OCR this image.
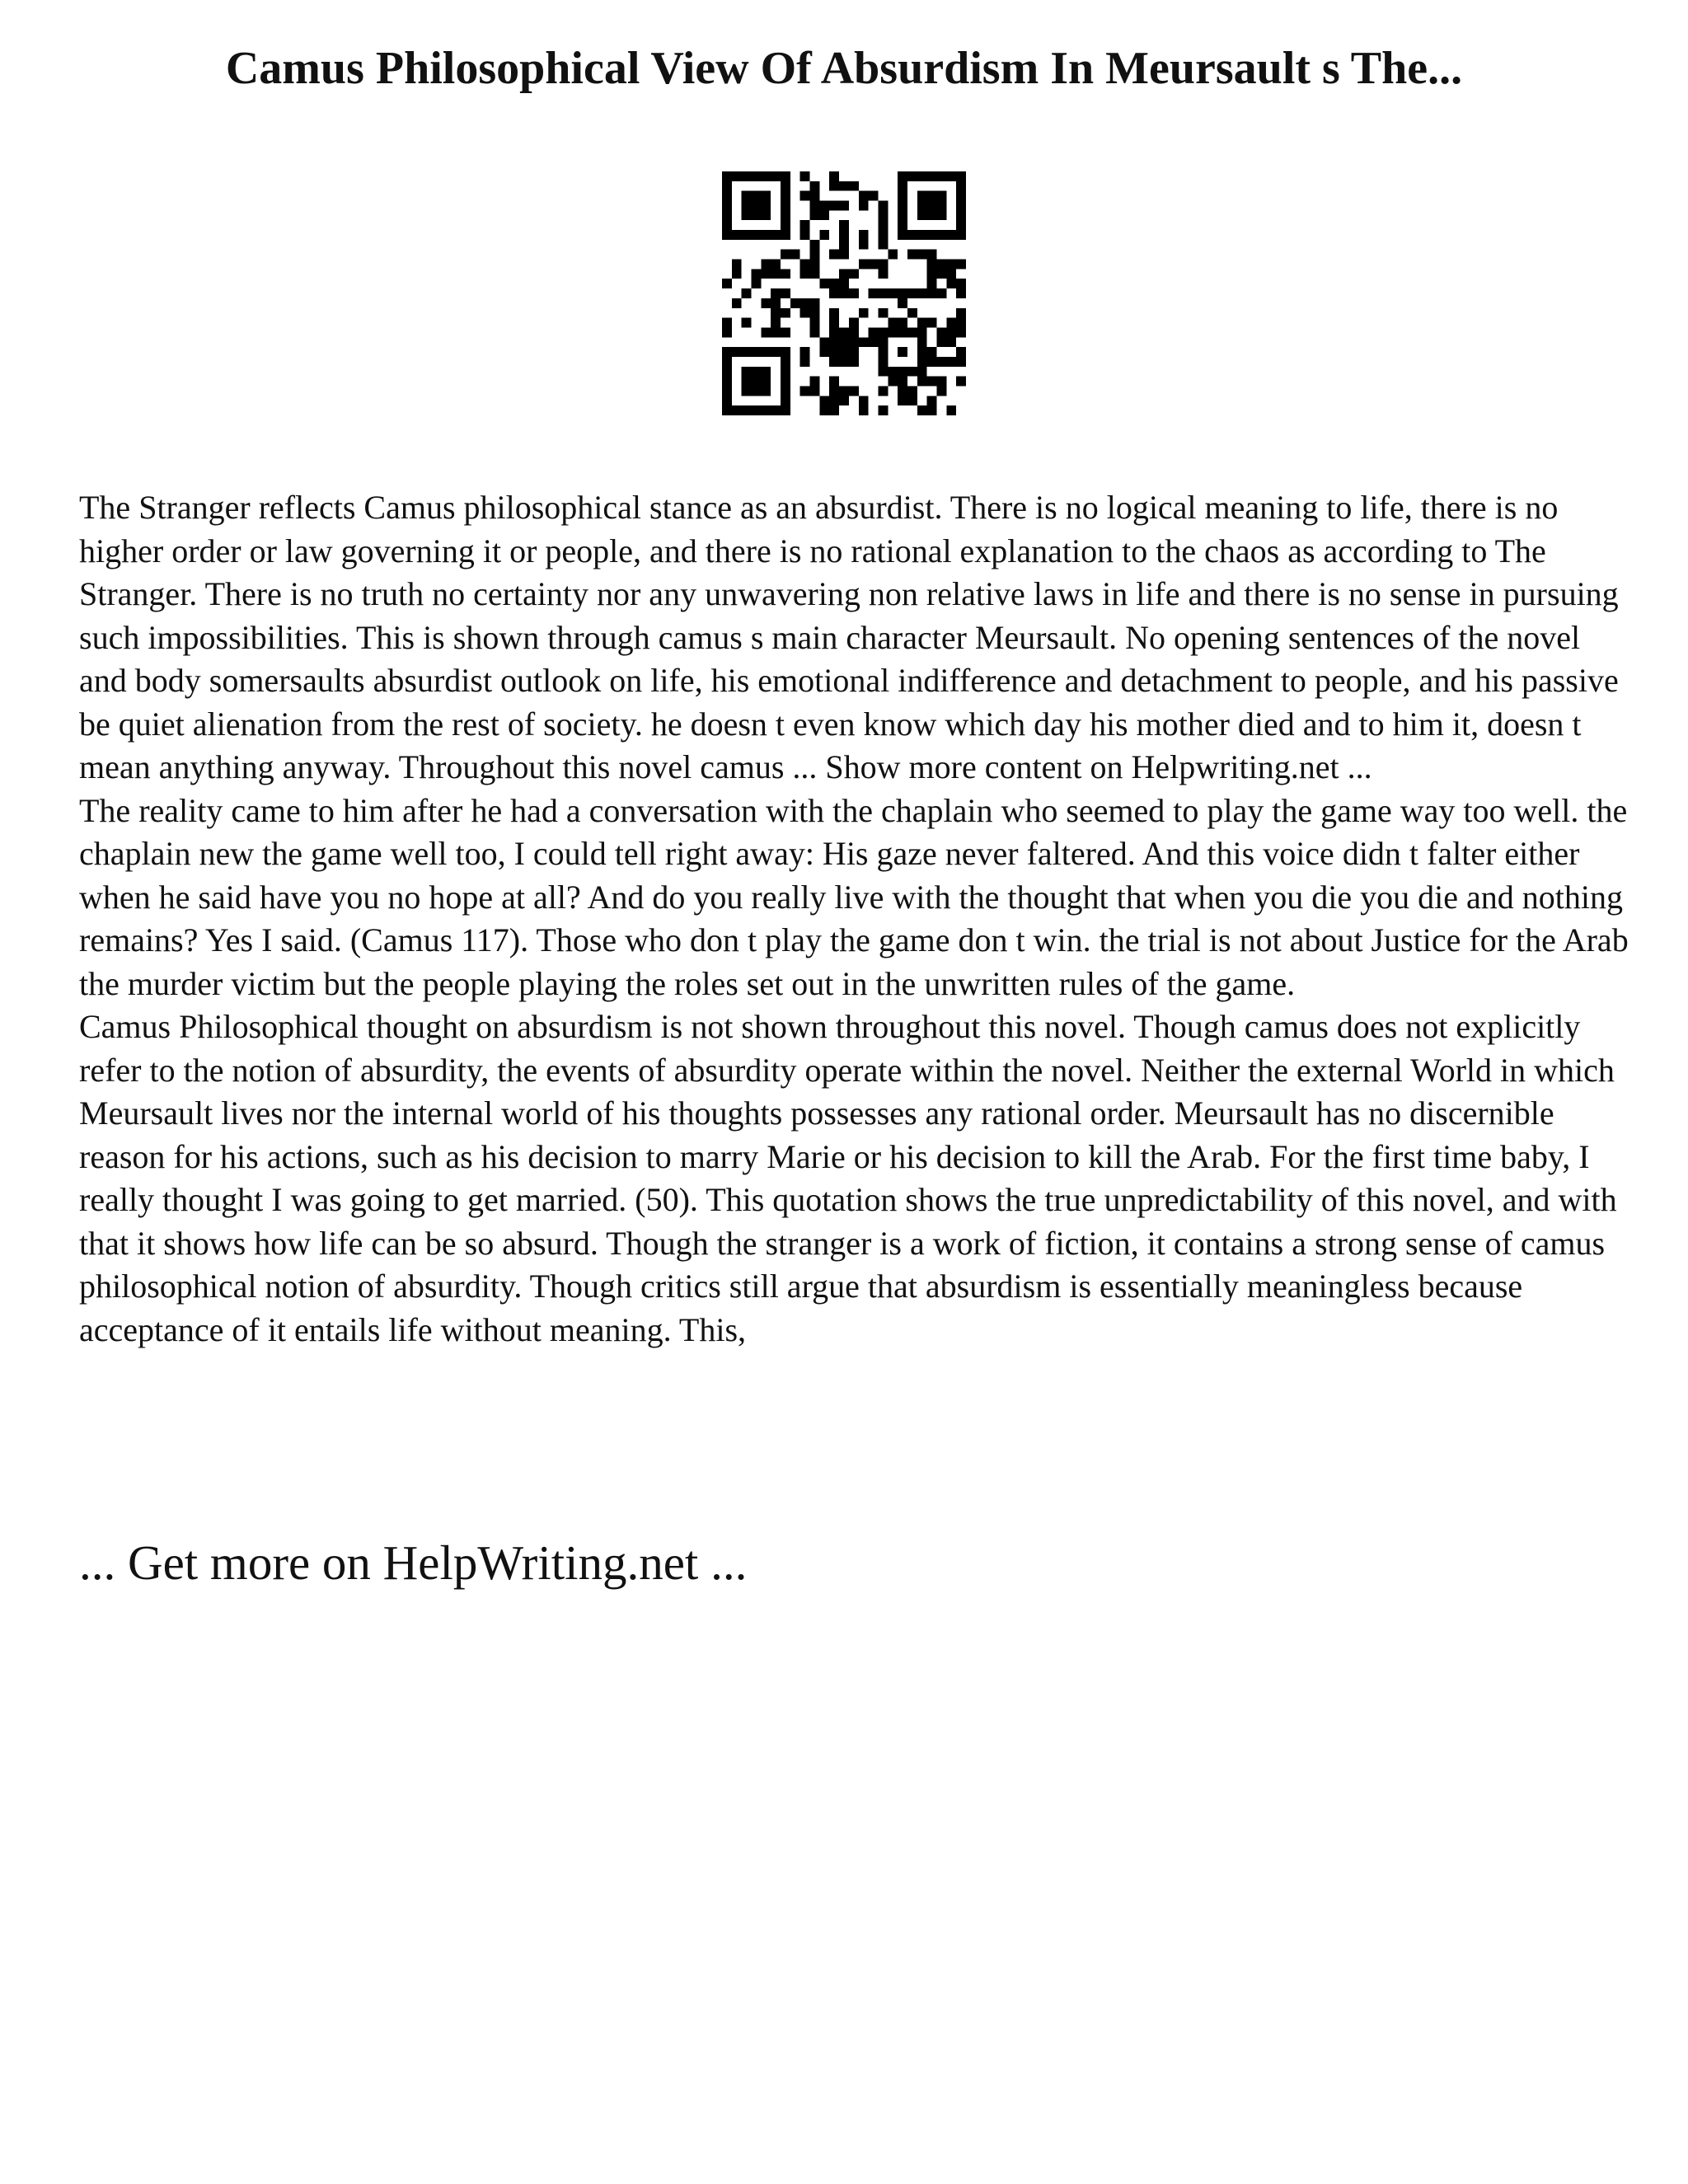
Camus Philosophical View Of Absurdism In Meursault s The...

The Stranger reflects Camus philosophical stance as an absurdist. There is no logical meaning to life, there is no higher order or law governing it or people, and there is no rational explanation to the chaos as according to The Stranger. There is no truth no certainty nor any unwavering non relative laws in life and there is no sense in pursuing such impossibilities. This is shown through camus s main character Meursault. No opening sentences of the novel and body somersaults absurdist outlook on life, his emotional indifference and detachment to people, and his passive be quiet alienation from the rest of society. he doesn t even know which day his mother died and to him it, doesn t mean anything anyway. Throughout this novel camus ... Show more content on Helpwriting.net ...

The reality came to him after he had a conversation with the chaplain who seemed to play the game way too well. the chaplain new the game well too, I could tell right away: His gaze never faltered. And this voice didn t falter either when he said have you no hope at all? And do you really live with the thought that when you die you die and nothing remains? Yes I said. (Camus 117). Those who don t play the game don t win. the trial is not about Justice for the Arab the murder victim but the people playing the roles set out in the unwritten rules of the game.

Camus Philosophical thought on absurdism is not shown throughout this novel. Though camus does not explicitly refer to the notion of absurdity, the events of absurdity operate within the novel. Neither the external World in which Meursault lives nor the internal world of his thoughts possesses any rational order. Meursault has no discernible reason for his actions, such as his decision to marry Marie or his decision to kill the Arab. For the first time baby, I really thought I was going to get married. (50). This quotation shows the true unpredictability of this novel, and with that it shows how life can be so absurd. Though the stranger is a work of fiction, it contains a strong sense of camus philosophical notion of absurdity. Though critics still argue that absurdism is essentially meaningless because acceptance of it entails life without meaning. This,

... Get more on HelpWriting.net ...
